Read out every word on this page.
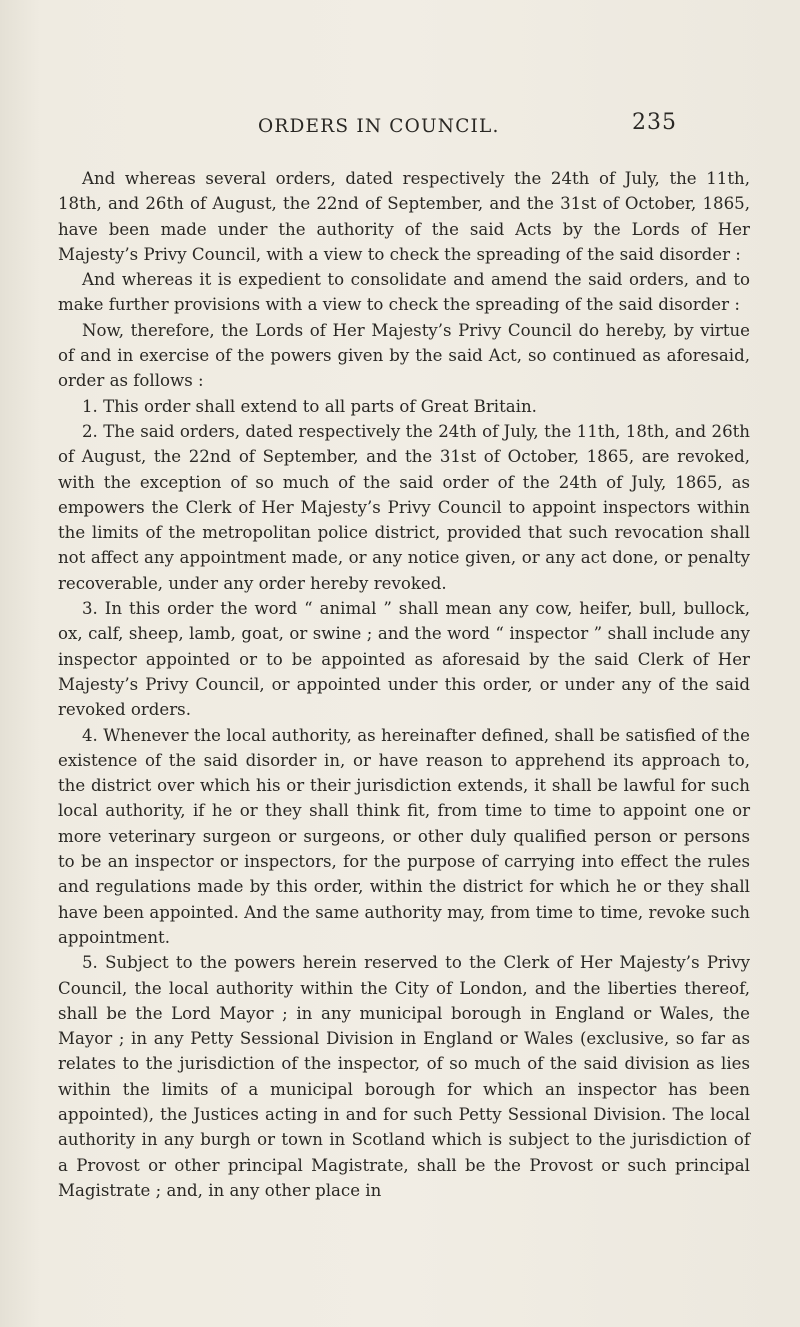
ORDERS IN COUNCIL.	235

And whereas several orders, dated respectively the 24th of July, the 11th, 18th, and 26th of August, the 22nd of September, and the 31st of October, 1865, have been made under the authority of the said Acts by the Lords of Her Majesty’s Privy Council, with a view to check the spreading of the said disorder :

And whereas it is expedient to consolidate and amend the said orders, and to make further provisions with a view to check the spreading of the said disorder :

Now, therefore, the Lords of Her Majesty’s Privy Council do hereby, by virtue of and in exercise of the powers given by the said Act, so continued as aforesaid, order as follows :

1. This order shall extend to all parts of Great Britain.

2. The said orders, dated respectively the 24th of July, the 11th, 18th, and 26th of August, the 22nd of September, and the 31st of October, 1865, are revoked, with the exception of so much of the said order of the 24th of July, 1865, as empowers the Clerk of Her Majesty’s Privy Council to appoint inspectors within the limits of the metropolitan police district, provided that such revocation shall not affect any appointment made, or any notice given, or any act done, or penalty recoverable, under any order hereby revoked.

3. In this order the word “ animal ” shall mean any cow, heifer, bull, bullock, ox, calf, sheep, lamb, goat, or swine ; and the word “ inspector ” shall include any inspector appointed or to be appointed as aforesaid by the said Clerk of Her Majesty’s Privy Council, or appointed under this order, or under any of the said revoked orders.

4. Whenever the local authority, as hereinafter defined, shall be satisfied of the existence of the said disorder in, or have reason to apprehend its approach to, the district over which his or their jurisdiction extends, it shall be lawful for such local authority, if he or they shall think fit, from time to time to appoint one or more veterinary surgeon or surgeons, or other duly qualified person or persons to be an inspector or inspectors, for the purpose of carrying into effect the rules and regulations made by this order, within the district for which he or they shall have been appointed. And the same authority may, from time to time, revoke such appointment.

5. Subject to the powers herein reserved to the Clerk of Her Majesty’s Privy Council, the local authority within the City of London, and the liberties thereof, shall be the Lord Mayor ; in any municipal borough in England or Wales, the Mayor ; in any Petty Sessional Division in England or Wales (exclusive, so far as relates to the jurisdiction of the inspector, of so much of the said division as lies within the limits of a municipal borough for which an inspector has been appointed), the Justices acting in and for such Petty Sessional Division. The local authority in any burgh or town in Scotland which is subject to the jurisdiction of a Provost or other principal Magistrate, shall be the Provost or such principal Magistrate ; and, in any other place in
